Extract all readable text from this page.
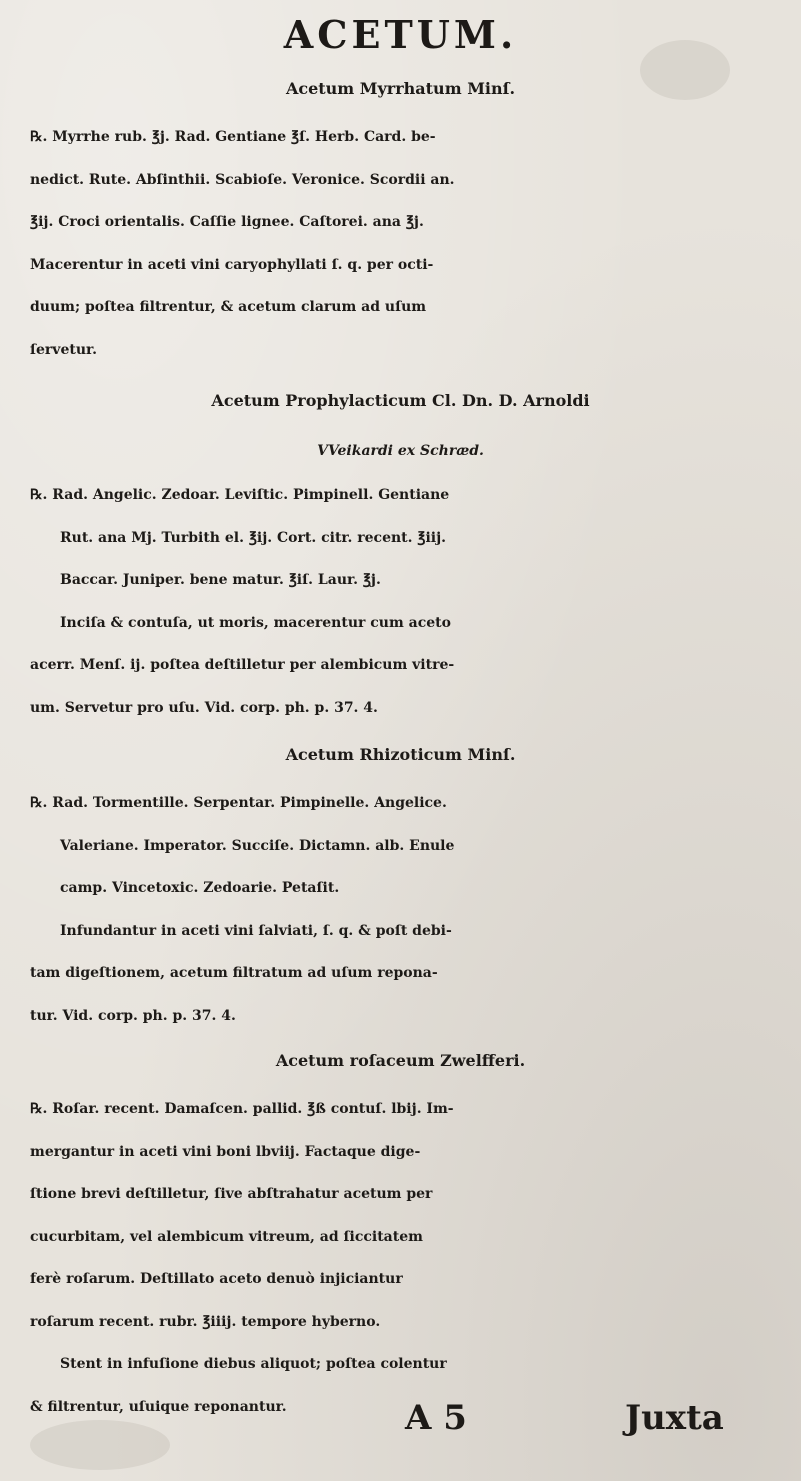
ACETUM.
Acetum Myrrhatum Minſ.
℞. Myrrhe rub. ℥j. Rad. Gentiane ℥ſ. Herb. Card. be‑
nedict. Rute. Abſinthii. Scabioſe. Veronice. Scordii an.
℥ij. Croci orientalis. Caſſie lignee. Caſtorei. ana ℥j.
Macerentur in aceti vini caryophyllati ſ. q. per octi‑
duum; poſtea filtrentur, & acetum clarum ad uſum
ſervetur.
Acetum Prophylacticum Cl. Dn. D. Arnoldi
VVeikardi ex Schræd.
℞. Rad. Angelic. Zedoar. Leviſtic. Pimpinell. Gentiane
Rut. ana Mj. Turbith el. ℥ij. Cort. citr. recent. ℥iij.
Baccar. Juniper. bene matur. ℥iſ. Laur. ℥j.
Inciſa & contuſa, ut moris, macerentur cum aceto
acerr. Menſ. ij. poſtea deſtilletur per alembicum vitre‑
um. Servetur pro uſu. Vid. corp. ph. p. 37. 4.
Acetum Rhizoticum Minſ.
℞. Rad. Tormentille. Serpentar. Pimpinelle. Angelice.
Valeriane. Imperator. Succiſe. Dictamn. alb. Enule
camp. Vincetoxic. Zedoarie. Petaſit.
Infundantur in aceti vini ſalviati, ſ. q. & poſt debi‑
tam digeſtionem, acetum filtratum ad uſum repona‑
tur. Vid. corp. ph. p. 37. 4.
Acetum roſaceum Zwelfferi.
℞. Roſar. recent. Damaſcen. pallid. ℥ß contuſ. lbij. Im‑
mergantur in aceti vini boni lbviij. Factaque dige‑
ſtione brevi deſtilletur, ſive abſtrahatur acetum per
cucurbitam, vel alembicum vitreum, ad ſiccitatem
ferè roſarum. Deſtillato aceto denuò injiciantur
roſarum recent. rubr. ℥iiij. tempore hyberno.
Stent in infuſione diebus aliquot; poſtea colentur
& filtrentur, uſuique reponantur.	A 5	Juxta
